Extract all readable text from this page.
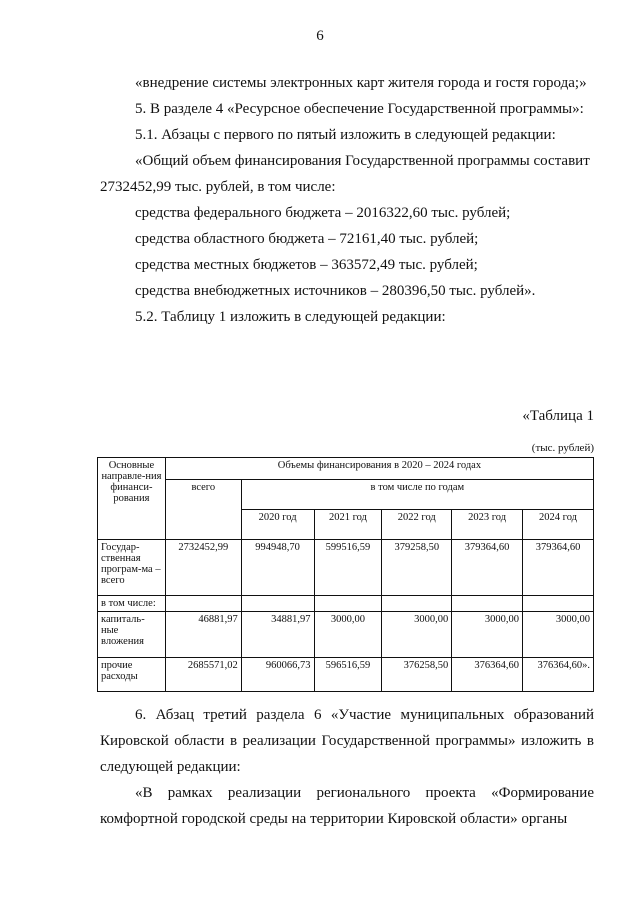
6

«внедрение системы электронных карт жителя города и гостя города;»

5. В разделе 4 «Ресурсное обеспечение Государственной программы»:

5.1. Абзацы с первого по пятый изложить в следующей редакции:

«Общий объем финансирования Государственной программы составит

2732452,99 тыс. рублей, в том числе:

средства федерального бюджета – 2016322,60 тыс. рублей;

средства областного бюджета – 72161,40 тыс. рублей;

средства местных бюджетов – 363572,49 тыс. рублей;

средства внебюджетных источников – 280396,50 тыс. рублей».

5.2. Таблицу 1 изложить в следующей редакции:

«Таблица 1
(тыс. рублей)
Основные направле-ния финанси-рования	Объемы финансирования в 2020 – 2024 годах					
	всего	в том числе по годам				
		2020 год	2021 год	2022 год	2023 год	2024 год
Государ-ственная програм-ма – всего	2732452,99	994948,70	599516,59	379258,50	379364,60	379364,60
в том числе:						
капиталь-ные вложения	46881,97	34881,97	3000,00	3000,00	3000,00	3000,00
прочие расходы	2685571,02	960066,73	596516,59	376258,50	376364,60	376364,60».

6. Абзац третий раздела 6 «Участие муниципальных образований Кировской области в реализации Государственной программы» изложить в следующей редакции:

«В рамках реализации регионального проекта «Формирование комфортной городской среды на территории Кировской области» органы
